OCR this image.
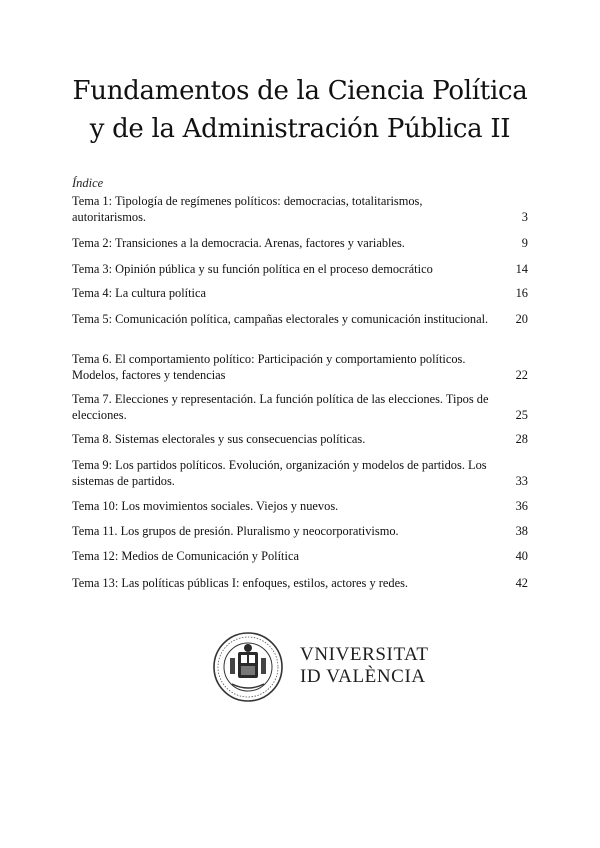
Fundamentos de la Ciencia Política
y de la Administración Pública II
Índice
Tema 1: Tipología de regímenes políticos: democracias, totalitarismos, autoritarismos.	3
Tema 2: Transiciones a la democracia. Arenas, factores y variables.	9
Tema 3: Opinión pública y su función política en el proceso democrático	14
Tema 4: La cultura política	16
Tema 5: Comunicación política, campañas electorales y comunicación institucional.	20
Tema 6. El comportamiento político: Participación y comportamiento políticos. Modelos, factores y tendencias	22
Tema 7. Elecciones y representación. La función política de las elecciones. Tipos de elecciones.	25
Tema 8. Sistemas electorales y sus consecuencias políticas.	28
Tema 9: Los partidos políticos. Evolución, organización y modelos de partidos. Los sistemas de partidos.	33
Tema 10: Los movimientos sociales. Viejos y nuevos.	36
Tema 11. Los grupos de presión. Pluralismo y neocorporativismo.	38
Tema 12: Medios de Comunicación y Política	40
Tema 13: Las políticas públicas I: enfoques, estilos, actores y redes.	42
VNIVERSITAT
ID VALÈNCIA
